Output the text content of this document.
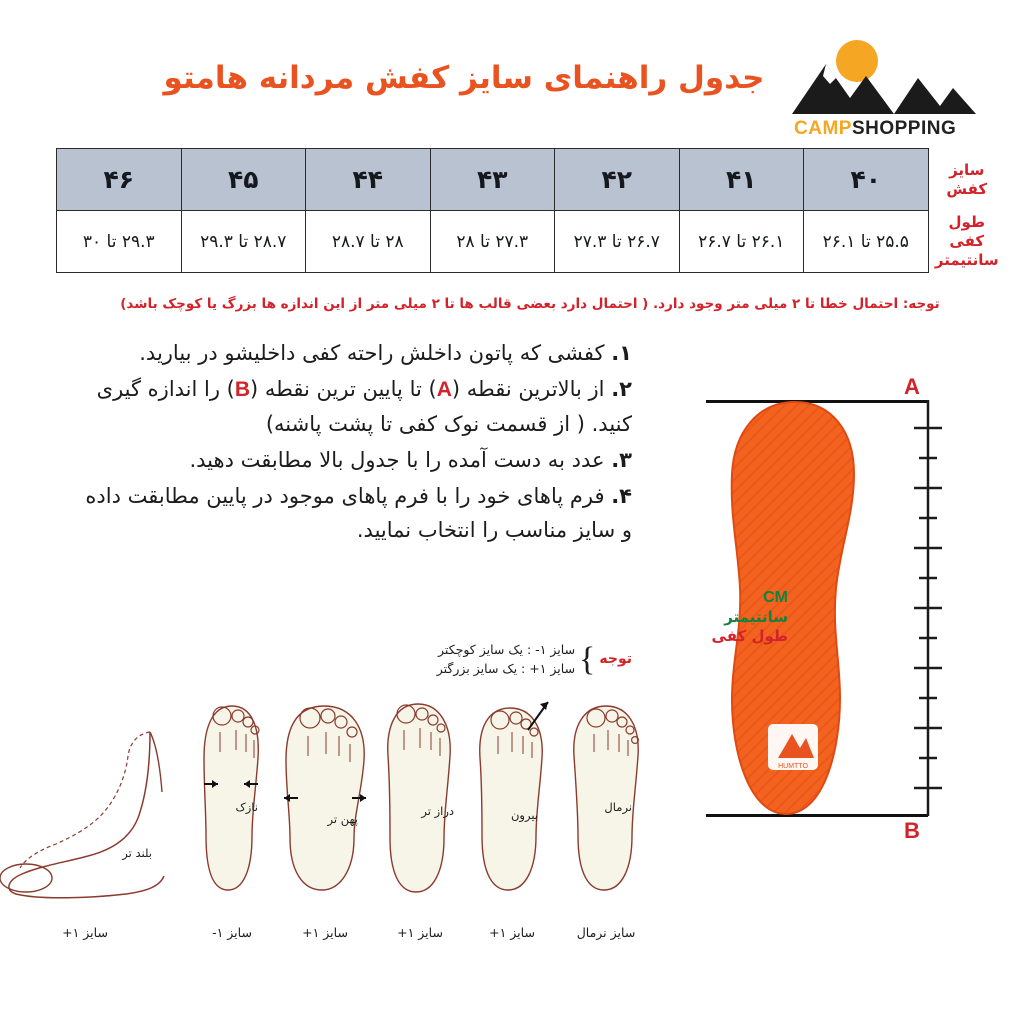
CAMPSHOPPING
جدول راهنمای سایز کفش مردانه هامتو
سایز کفش	۴۰	۴۱	۴۲	۴۳	۴۴	۴۵	۴۶

طول کفی
سانتیمتر	۲۵.۵ تا ۲۶.۱	۲۶.۱ تا ۲۶.۷	۲۶.۷ تا ۲۷.۳	۲۷.۳ تا ۲۸	۲۸ تا ۲۸.۷	۲۸.۷ تا ۲۹.۳	۲۹.۳ تا ۳۰
توجه: احتمال خطا تا ۲ میلی متر وجود دارد. ( احتمال دارد بعضی قالب ها تا ۲ میلی متر از این اندازه ها بزرگ یا کوچک باشد)
۱. کفشی که پاتون داخلش راحته کفی داخلیشو در بیارید.
۲. از بالاترین نقطه (A) تا پایین ترین نقطه (B) را اندازه گیری
کنید. ( از قسمت نوک کفی تا پشت پاشنه)
۳. عدد به دست آمده را با جدول بالا مطابقت دهید.
۴. فرم پاهای خود را با فرم پاهای موجود در پایین مطابقت داده
و سایز مناسب را انتخاب نمایید.
توجه
}
سایز ۱- : یک سایز کوچکتر
سایز ۱+ : یک سایز بزرگتر
A
B
HUMTTO
CM
سانتیمتر
طول کفی
نرمال
سایز نرمال
بیرون
سایز ۱+
دراز تر
سایز ۱+
پهن تر
سایز ۱+
نازک
سایز ۱-
بلند تر
سایز ۱+
